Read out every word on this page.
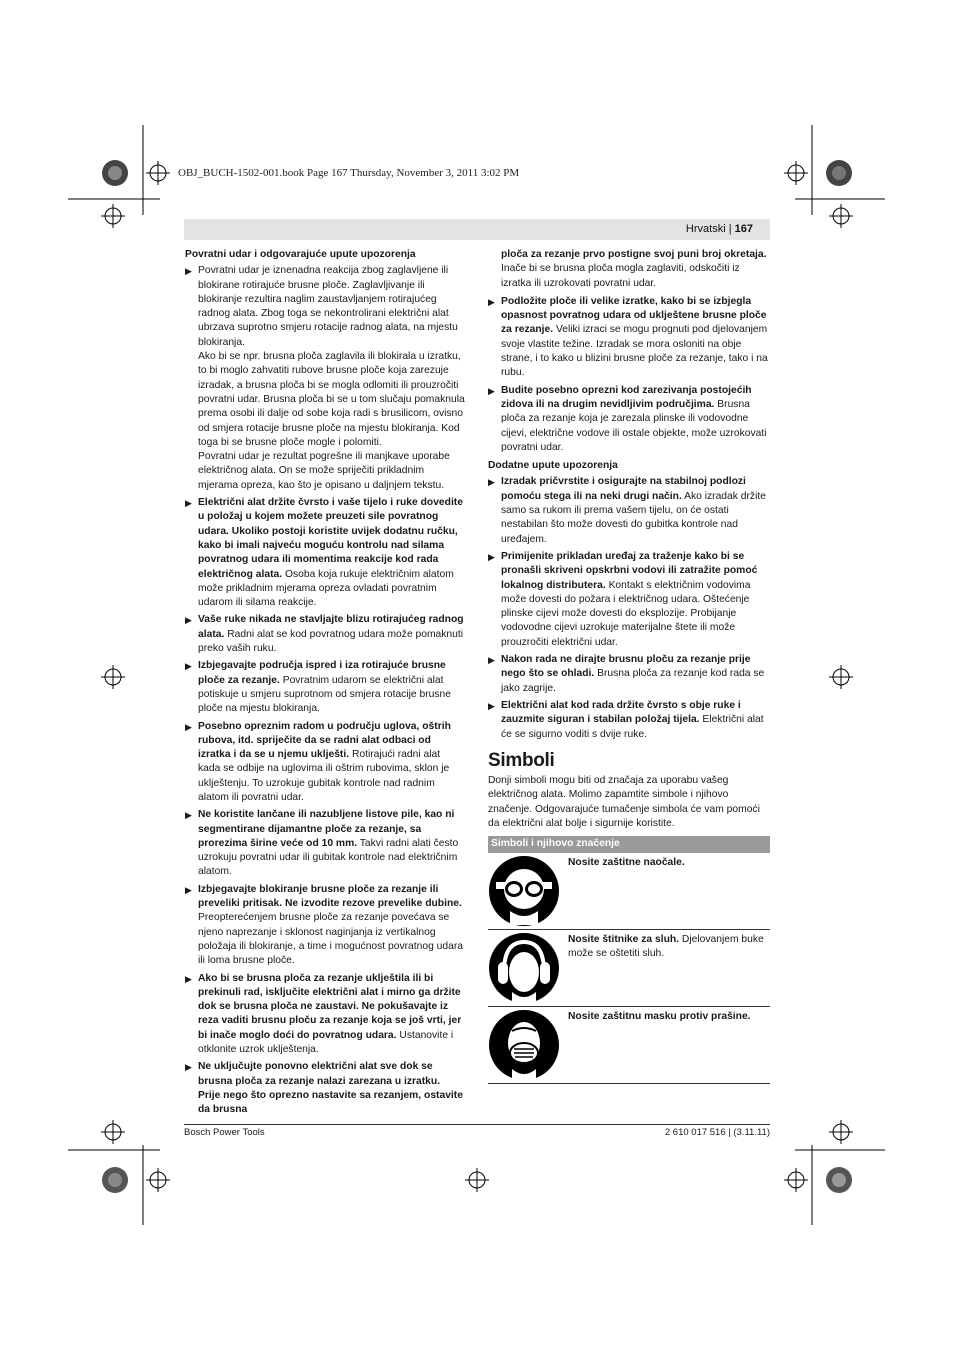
OBJ_BUCH-1502-001.book Page 167 Thursday, November 3, 2011 3:02 PM
Hrvatski | 167
Povratni udar i odgovarajuće upute upozorenja
▶ Povratni udar je iznenadna reakcija zbog zaglavljene ili blokirane rotirajuće brusne ploče. Zaglavljivanje ili blokiranje rezultira naglim zaustavljanjem rotirajućeg radnog alata. Zbog toga se nekontrolirani električni alat ubrzava suprotno smjeru rotacije radnog alata, na mjestu blokiranja.

Ako bi se npr. brusna ploča zaglavila ili blokirala u izratku, to bi moglo zahvatiti rubove brusne ploče koja zarezuje izradak, a brusna ploča bi se mogla odlomiti ili prouzročiti povratni udar. Brusna ploča bi se u tom slučaju pomaknula prema osobi ili dalje od sobe koja radi s brusilicom, ovisno od smjera rotacije brusne ploče na mjestu blokiranja. Kod toga bi se brusne ploče mogle i polomiti.

Povratni udar je rezultat pogrešne ili manjkave uporabe električnog alata. On se može spriječiti prikladnim mjerama opreza, kao što je opisano u daljnjem tekstu.

▶ Električni alat držite čvrsto i vaše tijelo i ruke dovedite u položaj u kojem možete preuzeti sile povratnog udara. Ukoliko postoji koristite uvijek dodatnu ručku, kako bi imali najveću moguću kontrolu nad silama povratnog udara ili momentima reakcije kod rada električnog alata. Osoba koja rukuje električnim alatom može prikladnim mjerama opreza ovladati povratnim udarom ili silama reakcije.

▶ Vaše ruke nikada ne stavljajte blizu rotirajućeg radnog alata. Radni alat se kod povratnog udara može pomaknuti preko vaših ruku.

▶ Izbjegavajte područja ispred i iza rotirajuće brusne ploče za rezanje. Povratnim udarom se električni alat potiskuje u smjeru suprotnom od smjera rotacije brusne ploče na mjestu blokiranja.

▶ Posebno opreznim radom u području uglova, oštrih rubova, itd. spriječite da se radni alat odbaci od izratka i da se u njemu uklješti. Rotirajući radni alat kada se odbije na uglovima ili oštrim rubovima, sklon je uklještenju. To uzrokuje gubitak kontrole nad radnim alatom ili povratni udar.

▶ Ne koristite lančane ili nazubljene listove pile, kao ni segmentirane dijamantne ploče za rezanje, sa prorezima širine veće od 10 mm. Takvi radni alati često uzrokuju povratni udar ili gubitak kontrole nad električnim alatom.

▶ Izbjegavajte blokiranje brusne ploče za rezanje ili preveliki pritisak. Ne izvodite rezove prevelike dubine. Preopterećenjem brusne ploče za rezanje povećava se njeno naprezanje i sklonost naginjanja iz vertikalnog položaja ili blokiranje, a time i mogućnost povratnog udara ili loma brusne ploče.

▶ Ako bi se brusna ploča za rezanje uklještila ili bi prekinuli rad, isključite električni alat i mirno ga držite dok se brusna ploča ne zaustavi. Ne pokušavajte iz reza vaditi brusnu ploču za rezanje koja se još vrti, jer bi inače moglo doći do povratnog udara. Ustanovite i otklonite uzrok uklještenja.

▶ Ne uključujte ponovno električni alat sve dok se brusna ploča za rezanje nalazi zarezana u izratku. Prije nego što oprezno nastavite sa rezanjem, ostavite da brusna

ploča za rezanje prvo postigne svoj puni broj okretaja. Inače bi se brusna ploča mogla zaglaviti, odskočiti iz izratka ili uzrokovati povratni udar.

▶ Podložite ploče ili velike izratke, kako bi se izbjegla opasnost povratnog udara od uklještene brusne ploče za rezanje. Veliki izraci se mogu prognuti pod djelovanjem svoje vlastite težine. Izradak se mora osloniti na obje strane, i to kako u blizini brusne ploče za rezanje, tako i na rubu.

▶ Budite posebno oprezni kod zarezivanja postojećih zidova ili na drugim nevidljivim područjima. Brusna ploča za rezanje koja je zarezala plinske ili vodovodne cijevi, električne vodove ili ostale objekte, može uzrokovati povratni udar.

Dodatne upute upozorenja
▶ Izradak pričvrstite i osigurajte na stabilnoj podlozi pomoću stega ili na neki drugi način. Ako izradak držite samo sa rukom ili prema vašem tijelu, on će ostati nestabilan što može dovesti do gubitka kontrole nad uređajem.

▶ Primijenite prikladan uređaj za traženje kako bi se pronašli skriveni opskrbni vodovi ili zatražite pomoć lokalnog distributera. Kontakt s električnim vodovima može dovesti do požara i električnog udara. Oštećenje plinske cijevi može dovesti do eksplozije. Probijanje vodovodne cijevi uzrokuje materijalne štete ili može prouzročiti električni udar.

▶ Nakon rada ne dirajte brusnu ploču za rezanje prije nego što se ohladi. Brusna ploča za rezanje kod rada se jako zagrije.

▶ Električni alat kod rada držite čvrsto s obje ruke i zauzmite siguran i stabilan položaj tijela. Električni alat će se sigurno voditi s dvije ruke.

Simboli
Donji simboli mogu biti od značaja za uporabu vašeg električnog alata. Molimo zapamtite simbole i njihovo značenje. Odgovarajuće tumačenje simbola će vam pomoći da električni alat bolje i sigurnije koristite.
Simboli i njihovo značenje
Nosite zaštitne naočale.
Nosite štitnike za sluh. Djelovanjem buke može se oštetiti sluh.
Nosite zaštitnu masku protiv prašine.
Bosch Power Tools	2 610 017 516 | (3.11.11)
